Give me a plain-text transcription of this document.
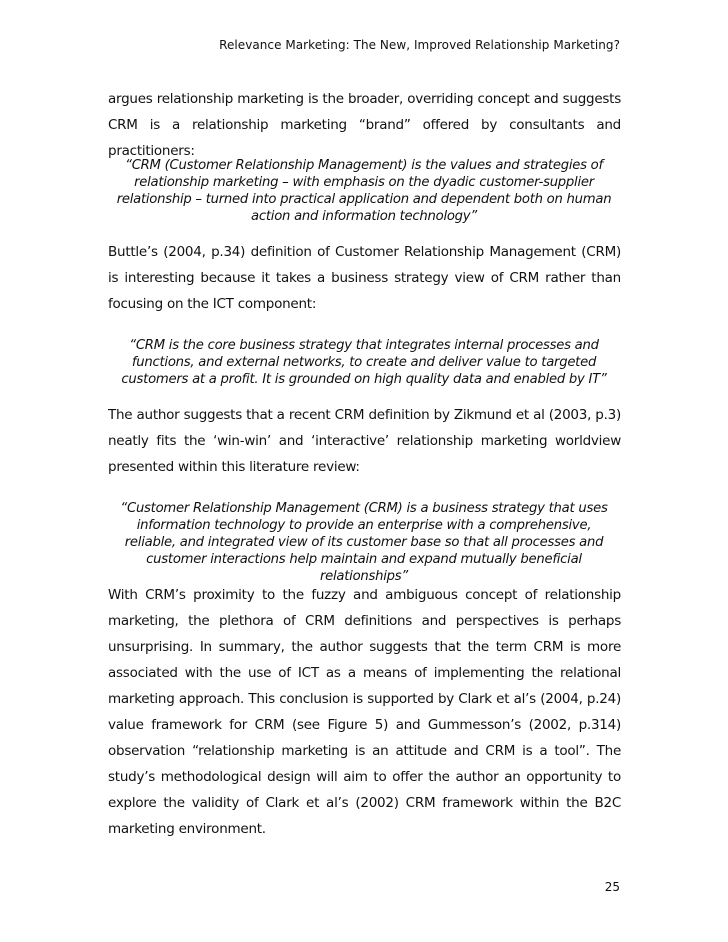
Relevance Marketing: The New, Improved Relationship Marketing?

argues relationship marketing is the broader, overriding concept and suggests CRM is a relationship marketing “brand” offered by consultants and practitioners:

“CRM (Customer Relationship Management) is the values and strategies of relationship marketing – with emphasis on the dyadic customer-supplier relationship – turned into practical application and dependent both on human action and information technology”

Buttle’s (2004, p.34) definition of Customer Relationship Management (CRM) is interesting because it takes a business strategy view of CRM rather than focusing on the ICT component:

“CRM is the core business strategy that integrates internal processes and functions, and external networks, to create and deliver value to targeted customers at a profit. It is grounded on high quality data and enabled by IT”

The author suggests that a recent CRM definition by Zikmund et al (2003, p.3) neatly fits the ‘win-win’ and ‘interactive’ relationship marketing worldview presented within this literature review:

“Customer Relationship Management (CRM) is a business strategy that uses information technology to provide an enterprise with a comprehensive, reliable, and integrated view of its customer base so that all processes and customer interactions help maintain and expand mutually beneficial relationships”

With CRM’s proximity to the fuzzy and ambiguous concept of relationship marketing, the plethora of CRM definitions and perspectives is perhaps unsurprising. In summary, the author suggests that the term CRM is more associated with the use of ICT as a means of implementing the relational marketing approach. This conclusion is supported by Clark et al’s (2004, p.24) value framework for CRM (see Figure 5) and Gummesson’s (2002, p.314) observation “relationship marketing is an attitude and CRM is a tool”. The study’s methodological design will aim to offer the author an opportunity to explore the validity of Clark et al’s (2002) CRM framework within the B2C marketing environment.

25
